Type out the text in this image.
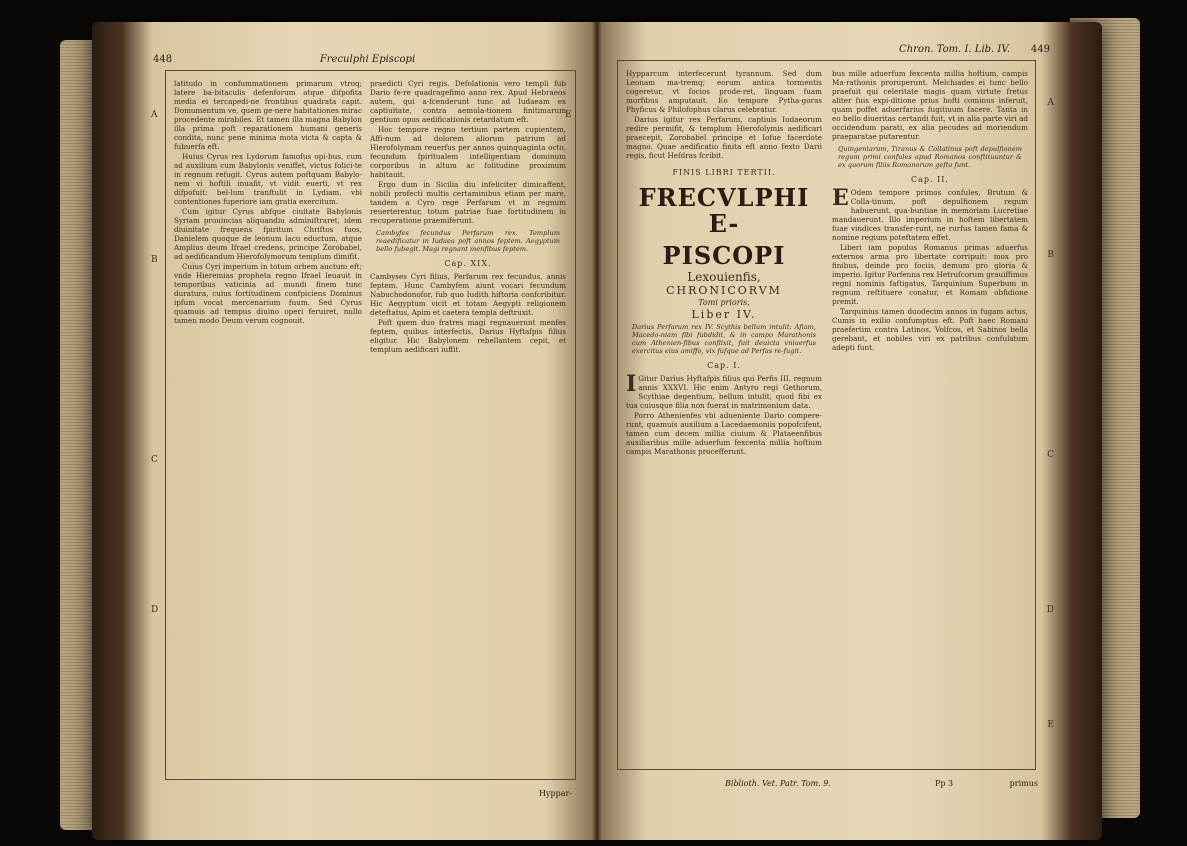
448	Freculphi Episcopi
A
B
C
D
E

latitudo in confummationem primarum vtroq; latere ba-bitaculis defenforum atque difpofita media ei tercapedi-ne frontibus quadrata capit. Domumentum ve, quem ge-nere habitationes mirac procedente mirabiles. Et tamen illa magna Babylon illa prima poft reparationem humani generis condita, nunc pene minima mota victa & capta & fubuerfa eft.

Huius Cyrus rex Lydorum famofus opi-bus, cum ad auxilium cum Babylonis veniffet, victus folici-te in regnum refugit. Cyrus autem poftquam Babylo-nem vi hoftili inuafit, vt vidit euerti, vt rex difpofuit: bel-lum tranftulit in Lydiam, vbi contentiones fuperiore iam gratia exercitum.

Cum igitur Cyrus abfque ciuitate Babylonis Syriam prouincias aliquandiu adminiftraret, idem diuinitate frequens fpiritum Chriftos fuos, Danielem quoque de leonum lacu eductum, atque Amplius deum Ifrael credens, principe Zorobabel, ad aedificandum Hierofolymorum templum dimifit.

Cuius Cyri imperium in totum orbem auctum eft; vnde Hieremias propheta regno Ifrael leuauit in temporibus vaticinia ad mundi finem tunc duratura, cuius fortitudinem confpiciens Dominus ipfum vocat mercenarium fuum. Sed Cyrus quamuis ad tempus diuino operi feruiret, nullo tamen modo Deum verum cognouit.

praedicti Cyri regis. Defolationis vero templi fub Dario fe-re quadragefimo anno rex. Apud Hebraeos autem, qui a-fcenderunt tunc ad Iudaeam ex captiuitate, contra aemula-tionem finitimarum gentium opus aedificationis retardatum eft.

Hoc tempore regno tertium partem cupientem, Affi-num ad dolorem aliorum patrium ad Hierofolymam reuerfus per annos quinquaginta octo, fecundum fpiritualem intelligentiam dominum corporibus in altum ac folitudine proximum habitauit.

Ergo dum in Sicilia diu infeliciter dimicaffent, nobili profecti multis certaminibus etiam per mare, tandem a Cyro rege Perfarum vt in regnum reuerterentur, totum patriae fuae fortitudinem in recuperatione praemiferunt.

Cambyfes fecundus Perfarum rex. Templum reaedificatur in Iudaea poft annos feptem. Aegyptum bello fubegit. Magi regnant menfibus feptem.
Cap. XIX.

Cambyses Cyri filius, Perfarum rex fecundus, annis feptem. Hunc Cambyfem aiunt vocari fecundum Nabuchodonofor, fub quo Iudith hiftoria confcribitur. Hic Aegyptum vicit et totam Aegypti religionem deteftatus, Apim et caetera templa deftruxit.

Poft quem duo fratres magi regnauerunt menfes feptem, quibus interfectis, Darius Hyftafpis filius eligitur. Hic Babylonem rebellantem cepit, et templum aedificari iuffit.

Hyppar-
Chron. Tom. I. Lib. IV. 449
A
B
C
D
E

Hypparcum interfecerunt tyrannum. Sed dum Leonam ma-tremq; eorum antica tormentis cogeretur, vt focios prode-ret, linguam fuam morfibus amputauit. Eo tempore Pytha-goras Phyficus & Philofophus clarus celebratur.

Darius igitur rex Perfarum, captiuis Iudaeorum redire permifit, & templum Hierofolymis aedificari praecepit, Zorobabel principe et Iofue facerdote magno. Quae aedificatio finita eft anno fexto Darii regis, ficut Hefdras fcribit.

FINIS LIBRI TERTII.
FRECVLPHI E-
PISCOPI
Lexouienfis,
CHRONICORVM
Tomi prioris,
Liber IV.
Darius Perfarum rex IV. Scythis bellum intulit: Afiam, Macedo-niam fibi fubdidit, & in campo Marathonis cum Athenien-fibus conflixit, fuit deuicta vniuerfus exercitus eius amiffo, vix fufque ad Perfas re-fugit.
Cap. I.

I Gitur Darius Hyftafpis filius qui Perfis III. regnum annis XXXVI. Hic enim Antyro regi Gethorum, Scythiae degentium, bellum intulit, quod fibi ex tua cuiusque filia non fuerat in matrimonium data.

Porro Athenienfes vbi adueniente Dario compere-runt, quamuis auxilium a Lacedaemoniis popofcifent, tamen cum decem millia ciuium & Plataeenfibus auxiliaribus mille aduerfum fexcenta millia hoftium campis Marathonis procefferunt.

bus mille aduerfum fexcenta millia hoftium, campis Ma-rathonis proruperunt. Melchiades ei tunc bello praefuit qui celeritate magis quam virtute fretus aliter fuis expi-ditione prius hofti cominus inferuit, quam poffet aduerfarius fugitiuum facere. Tanta in eo bello diueritas certandi fuit, vt in alia parte viri ad occidendum parati, ex alia pecudes ad moriendum praeparatae putarentur.

Quingentarum, Tiranus & Collatinus poft depulfionem regum primi confules apud Romanos conftituuntur & ex quorum filiis Romanorum gefta funt.
Cap. II.

E Odem tempore primos confules, Brutum & Colla-tinum, poft depulfionem regum habuerunt, qua-buntiae in memoriam Lucretiae mandauerunt. Illo imperium in hoftem libertatem fuae vindices transfer-runt, ne rurfus tamen fama & nomine regium poteftatem effet.

Liberi iam populus Romanus primas aduerfus externos arma pro libertate corripuit: mox pro finibus, deinde pro fociis, demum pro gloria & imperio. Igitur Porfenna rex Hetrufcorum grauiffimus regni nominis faftigatus, Tarquinium Superbum in regnum reftituere conatur, et Romam obfidione premit.

Tarquinius tamen duodecim annos in fugam actus, Cumis in exilio confumptus eft. Poft haec Romani praefertim contra Latinos, Volfcos, et Sabinos bella gerebant, et nobiles viri ex patribus confulatum adepti funt.

Biblioth. Vet. Patr. Tom. 9.	Pp 3	primus
